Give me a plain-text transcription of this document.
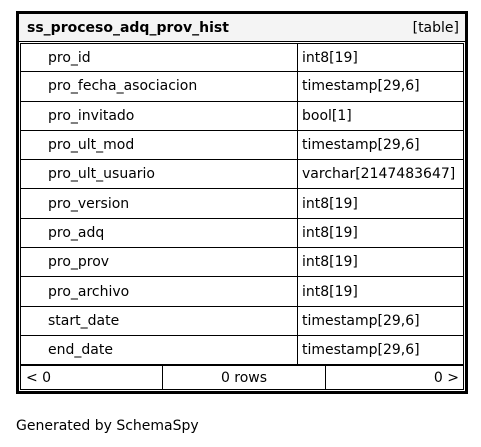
ss_proceso_adq_prov_hist	[table]
pro_id	int8[19]
pro_fecha_asociacion	timestamp[29,6]
pro_invitado	bool[1]
pro_ult_mod	timestamp[29,6]
pro_ult_usuario	varchar[2147483647]
pro_version	int8[19]
pro_adq	int8[19]
pro_prov	int8[19]
pro_archivo	int8[19]
start_date	timestamp[29,6]
end_date	timestamp[29,6]
< 0	0 rows	0 >
Generated by SchemaSpy
